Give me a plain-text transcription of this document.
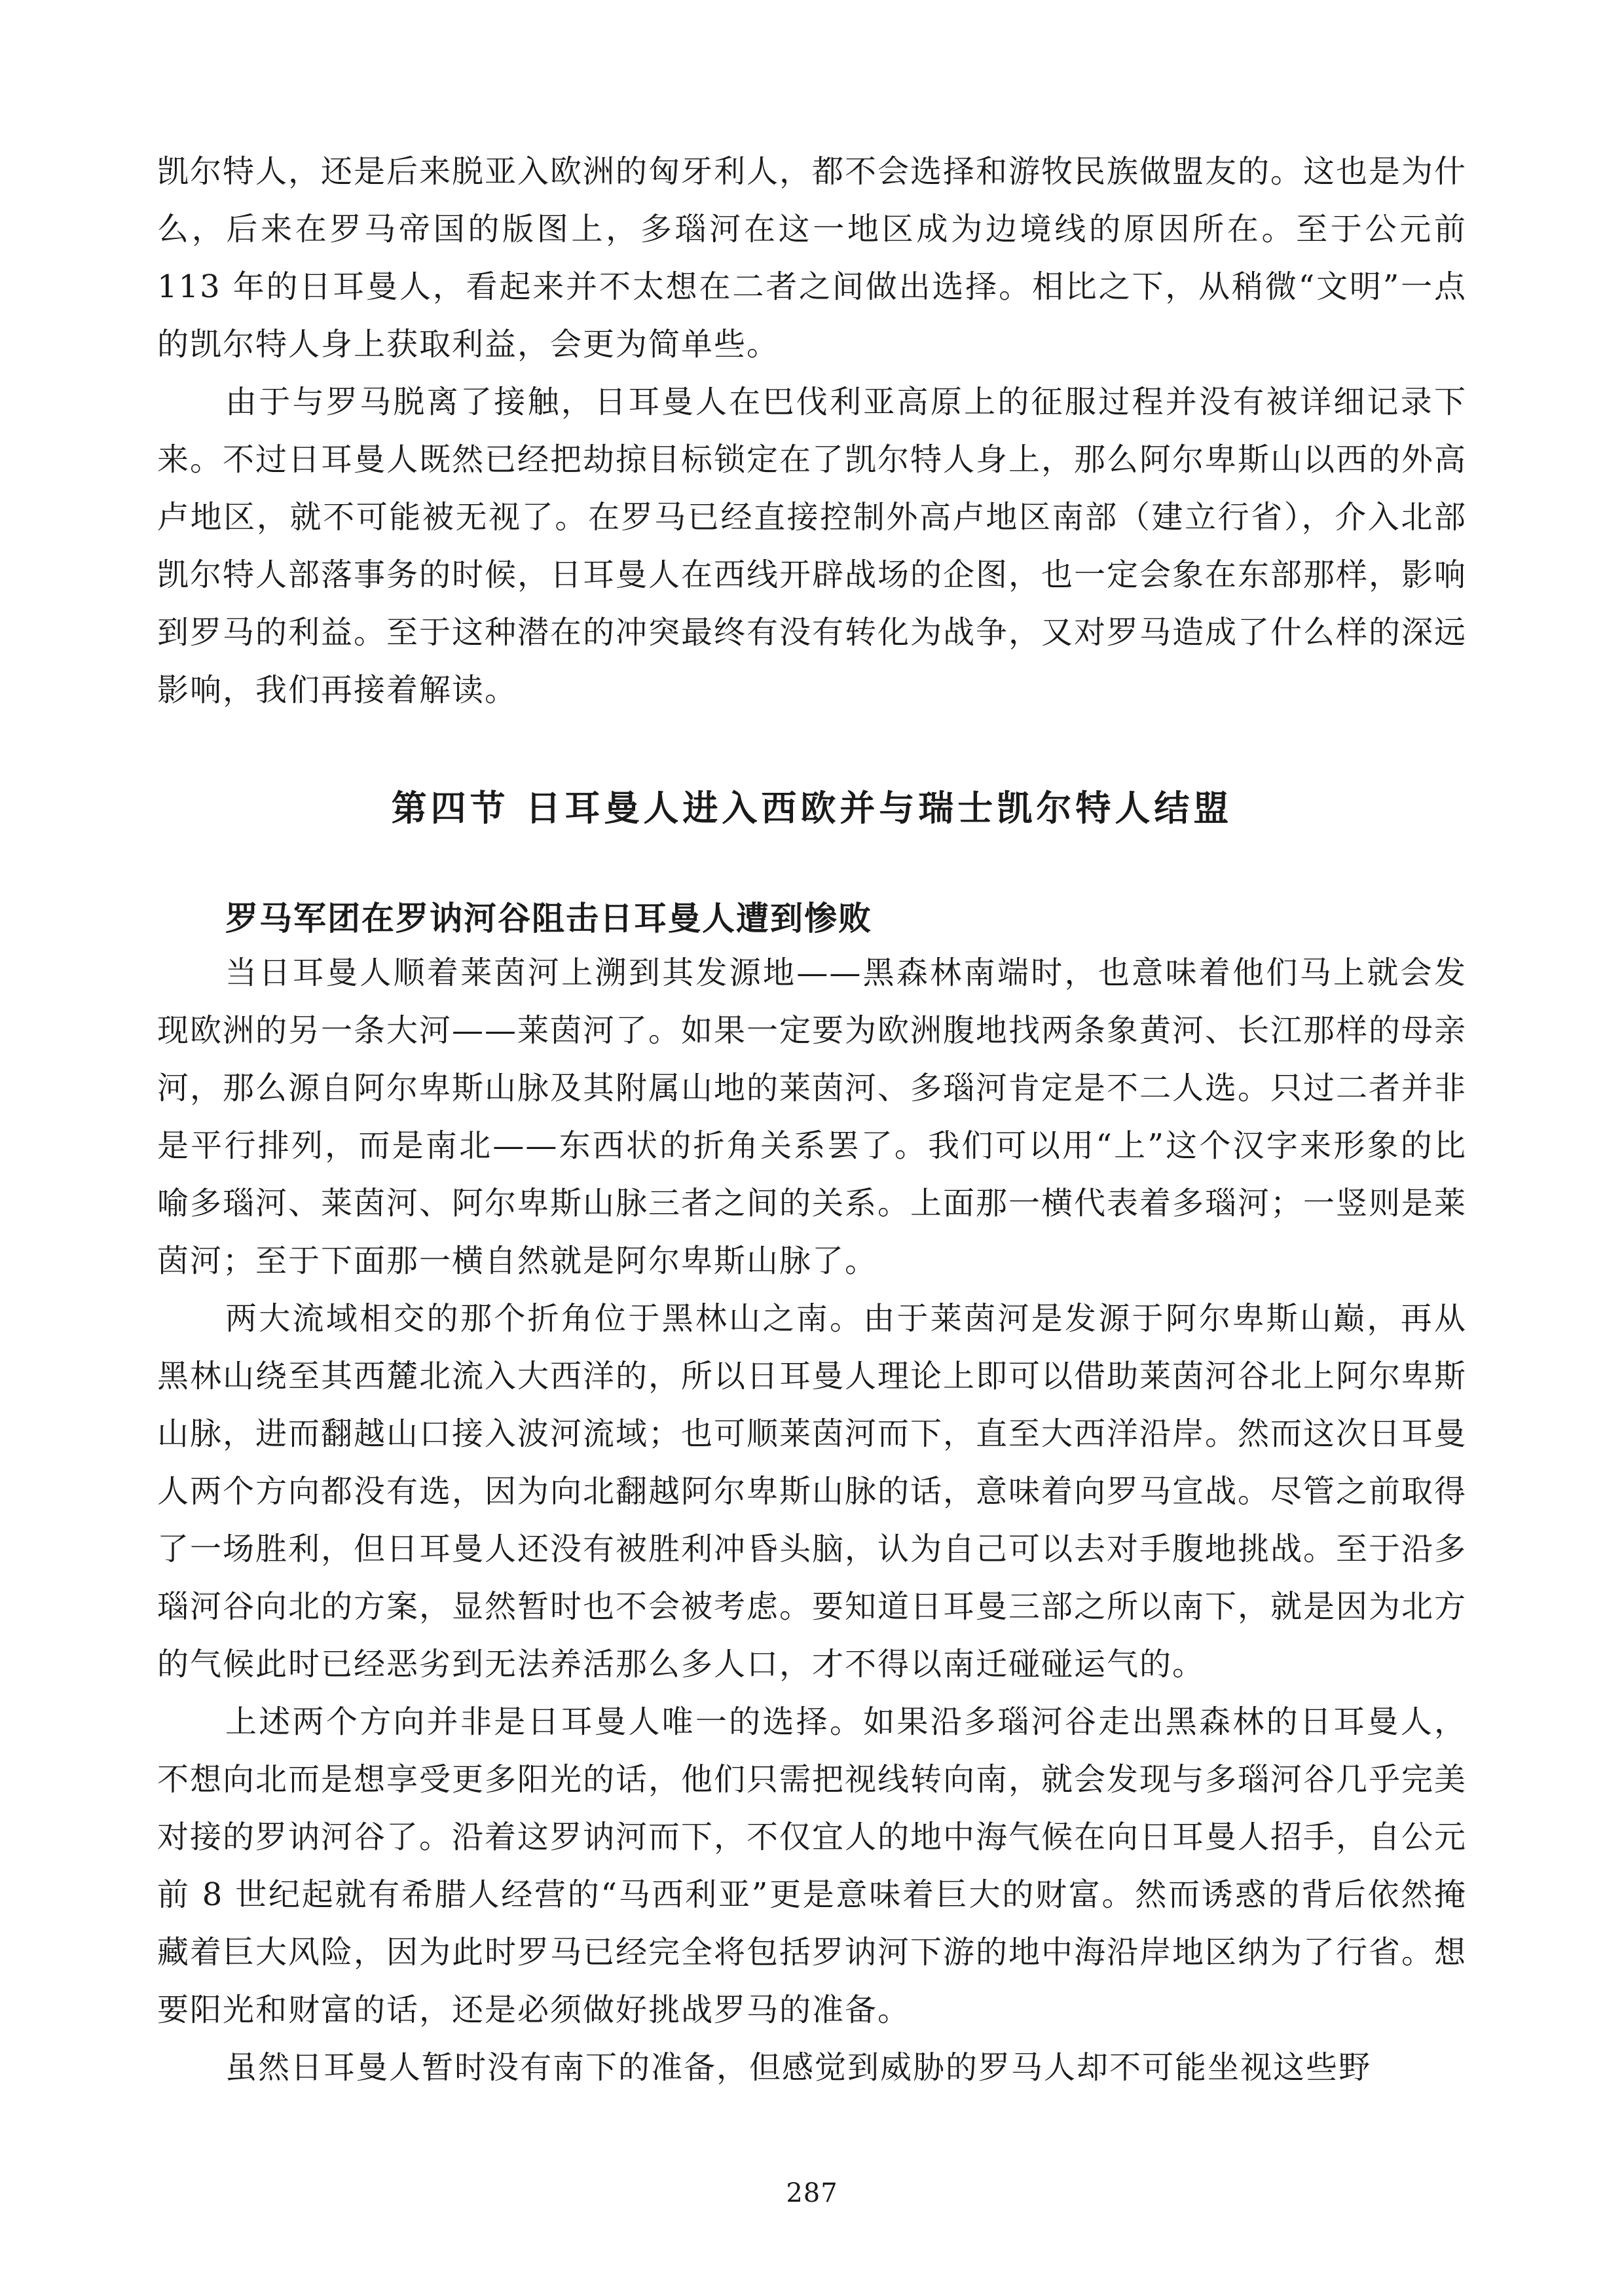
凯尔特人，还是后来脱亚入欧洲的匈牙利人，都不会选择和游牧民族做盟友的。这也是为什么，后来在罗马帝国的版图上，多瑙河在这一地区成为边境线的原因所在。至于公元前 113 年的日耳曼人，看起来并不太想在二者之间做出选择。相比之下，从稍微“文明”一点的凯尔特人身上获取利益，会更为简单些。

由于与罗马脱离了接触，日耳曼人在巴伐利亚高原上的征服过程并没有被详细记录下来。不过日耳曼人既然已经把劫掠目标锁定在了凯尔特人身上，那么阿尔卑斯山以西的外高卢地区，就不可能被无视了。在罗马已经直接控制外高卢地区南部（建立行省），介入北部凯尔特人部落事务的时候，日耳曼人在西线开辟战场的企图，也一定会象在东部那样，影响到罗马的利益。至于这种潜在的冲突最终有没有转化为战争，又对罗马造成了什么样的深远影响，我们再接着解读。

第四节 日耳曼人进入西欧并与瑞士凯尔特人结盟
罗马军团在罗讷河谷阻击日耳曼人遭到惨败

当日耳曼人顺着莱茵河上溯到其发源地——黑森林南端时，也意味着他们马上就会发现欧洲的另一条大河——莱茵河了。如果一定要为欧洲腹地找两条象黄河、长江那样的母亲河，那么源自阿尔卑斯山脉及其附属山地的莱茵河、多瑙河肯定是不二人选。只过二者并非是平行排列，而是南北——东西状的折角关系罢了。我们可以用“上”这个汉字来形象的比喻多瑙河、莱茵河、阿尔卑斯山脉三者之间的关系。上面那一横代表着多瑙河；一竖则是莱茵河；至于下面那一横自然就是阿尔卑斯山脉了。

两大流域相交的那个折角位于黑林山之南。由于莱茵河是发源于阿尔卑斯山巅，再从黑林山绕至其西麓北流入大西洋的，所以日耳曼人理论上即可以借助莱茵河谷北上阿尔卑斯山脉，进而翻越山口接入波河流域；也可顺莱茵河而下，直至大西洋沿岸。然而这次日耳曼人两个方向都没有选，因为向北翻越阿尔卑斯山脉的话，意味着向罗马宣战。尽管之前取得了一场胜利，但日耳曼人还没有被胜利冲昏头脑，认为自己可以去对手腹地挑战。至于沿多瑙河谷向北的方案，显然暂时也不会被考虑。要知道日耳曼三部之所以南下，就是因为北方的气候此时已经恶劣到无法养活那么多人口，才不得以南迁碰碰运气的。

上述两个方向并非是日耳曼人唯一的选择。如果沿多瑙河谷走出黑森林的日耳曼人，不想向北而是想享受更多阳光的话，他们只需把视线转向南，就会发现与多瑙河谷几乎完美对接的罗讷河谷了。沿着这罗讷河而下，不仅宜人的地中海气候在向日耳曼人招手，自公元前 8 世纪起就有希腊人经营的“马西利亚”更是意味着巨大的财富。然而诱惑的背后依然掩藏着巨大风险，因为此时罗马已经完全将包括罗讷河下游的地中海沿岸地区纳为了行省。想要阳光和财富的话，还是必须做好挑战罗马的准备。

虽然日耳曼人暂时没有南下的准备，但感觉到威胁的罗马人却不可能坐视这些野

287
